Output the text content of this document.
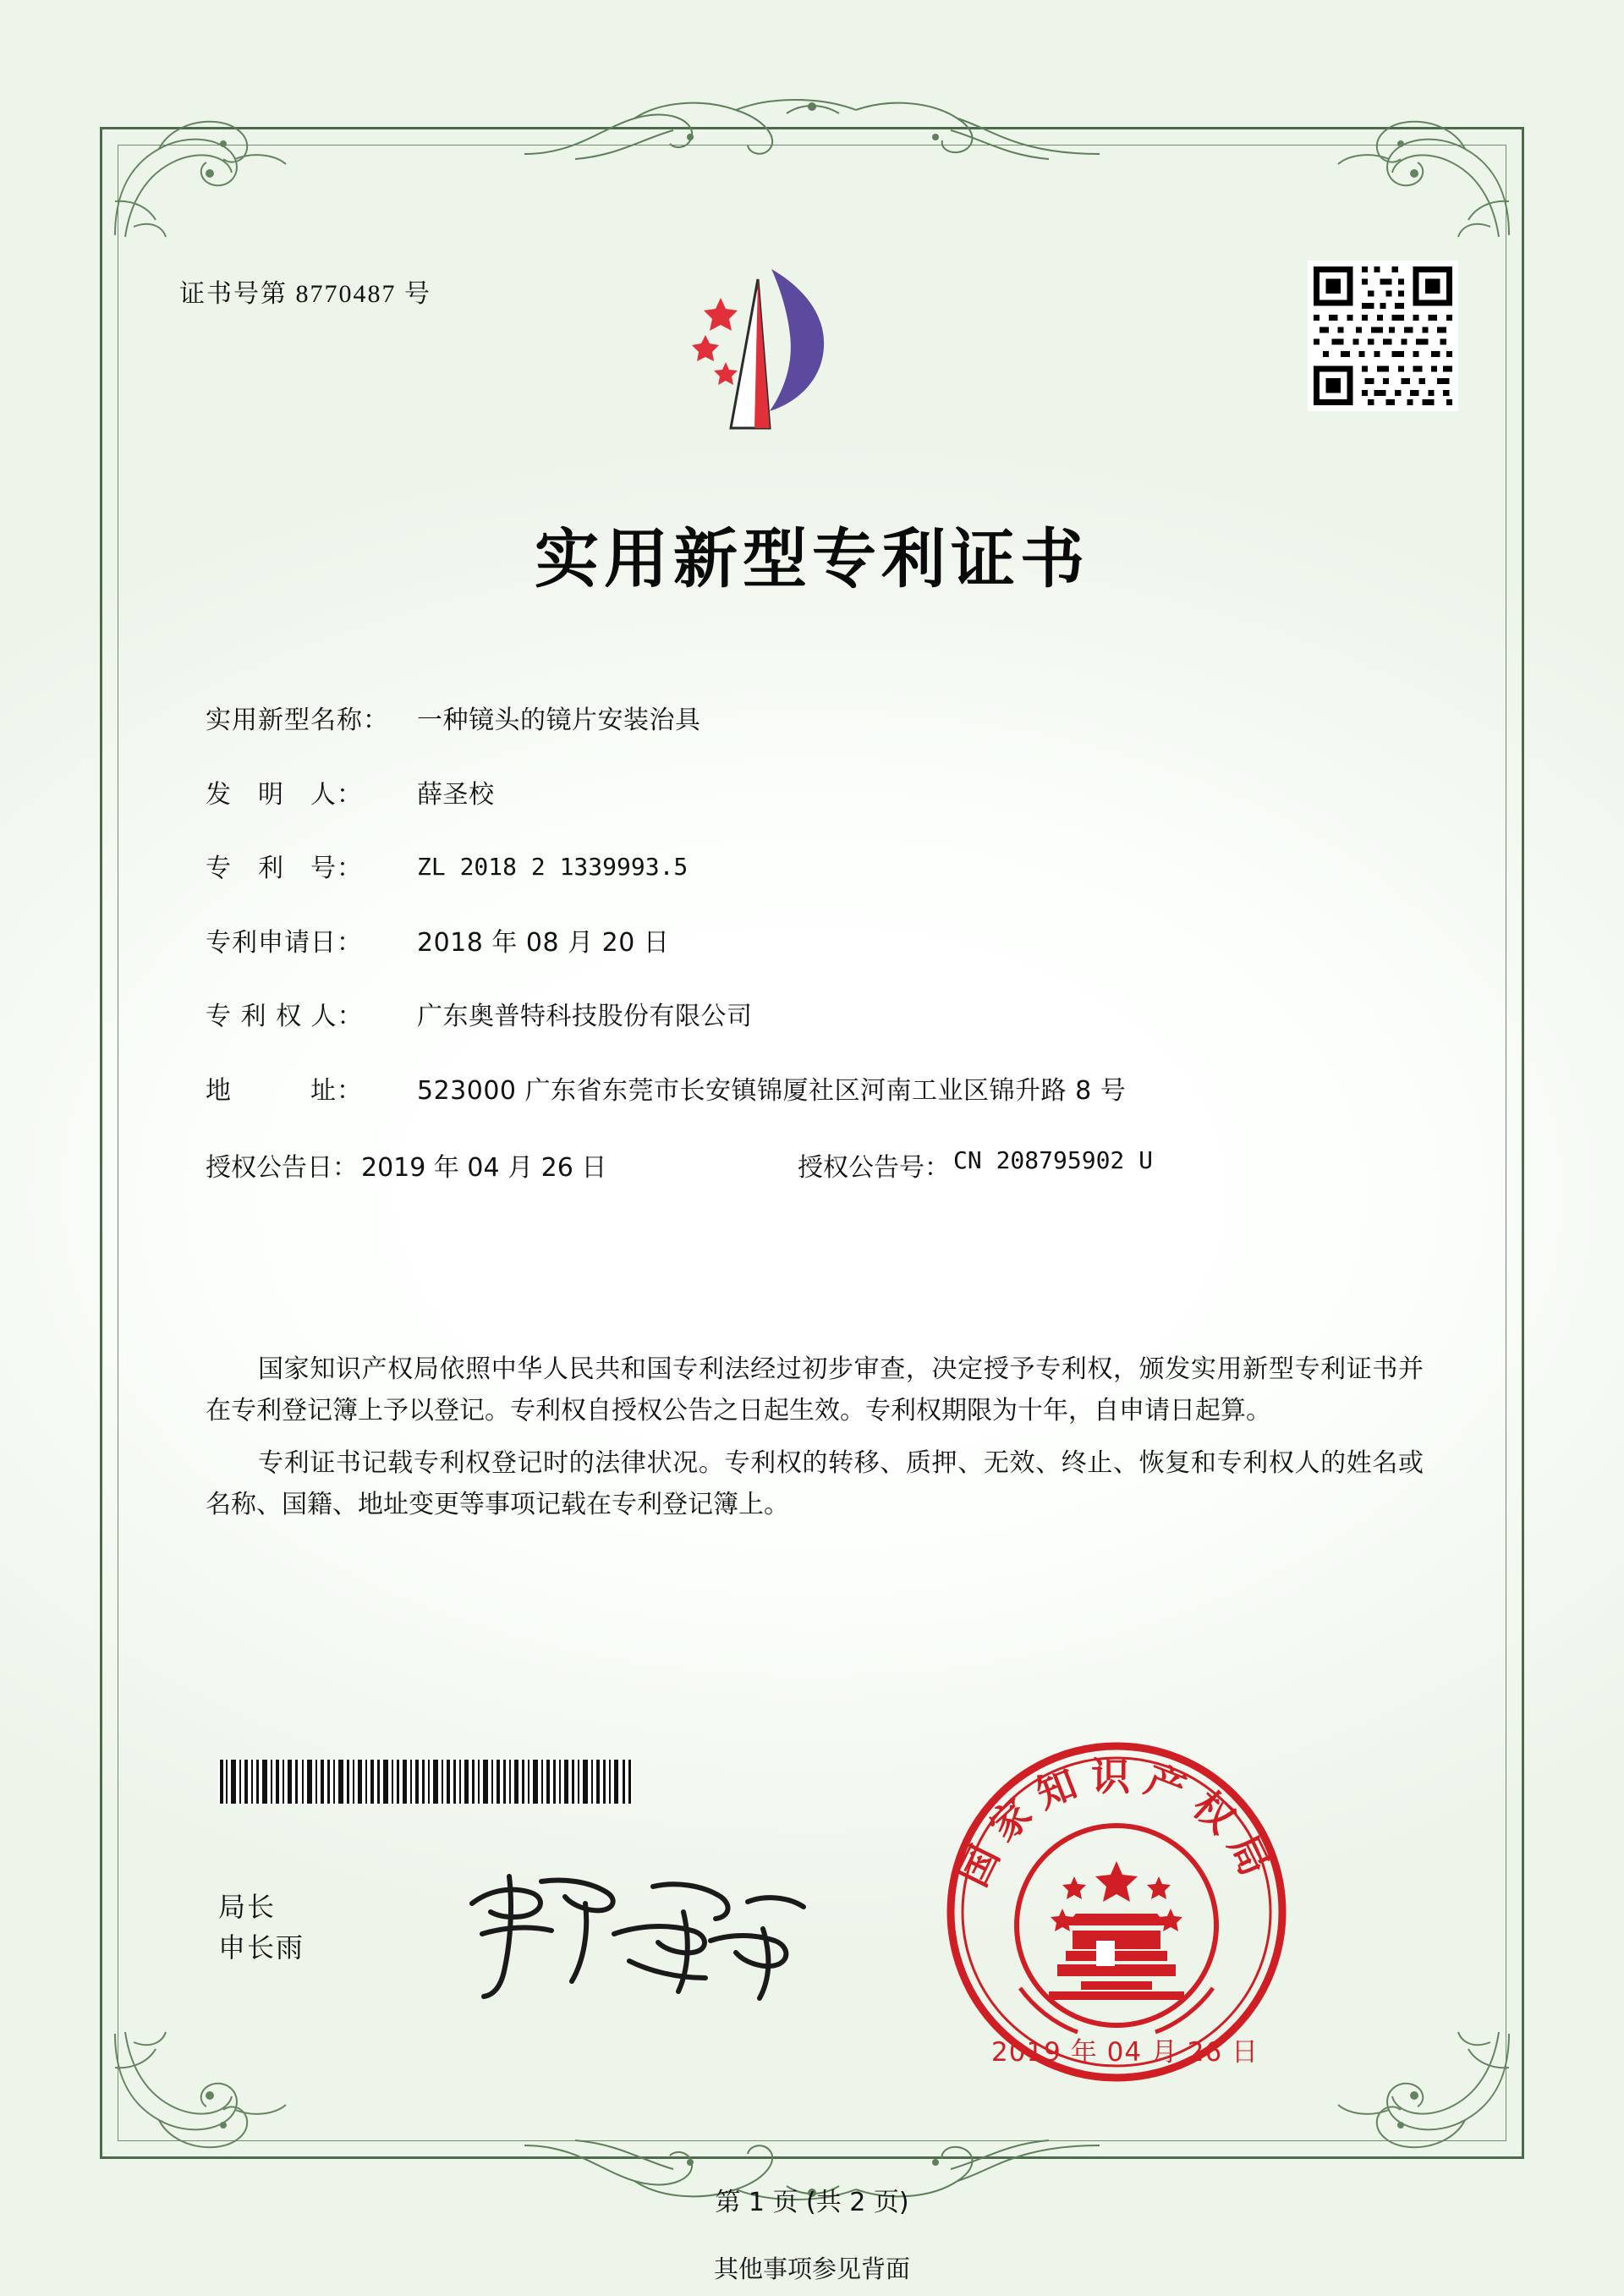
证书号第 8770487 号
实用新型专利证书
实用新型名称：	一种镜头的镜片安装治具
发　明　人：	薛圣校
专　利　号：	ZL 2018 2 1339993.5
专利申请日：	2018 年 08 月 20 日
专 利 权 人：	广东奥普特科技股份有限公司
地　　　址：	523000 广东省东莞市长安镇锦厦社区河南工业区锦升路 8 号
授权公告日： 2019 年 04 月 26 日	授权公告号： CN 208795902 U

国家知识产权局依照中华人民共和国专利法经过初步审查，决定授予专利权，颁发实用新型专利证书并在专利登记簿上予以登记。专利权自授权公告之日起生效。专利权期限为十年，自申请日起算。

专利证书记载专利权登记时的法律状况。专利权的转移、质押、无效、终止、恢复和专利权人的姓名或名称、国籍、地址变更等事项记载在专利登记簿上。

局长
申长雨
国家知识产权局
2019 年 04 月 26 日
第 1 页 (共 2 页)
其他事项参见背面
